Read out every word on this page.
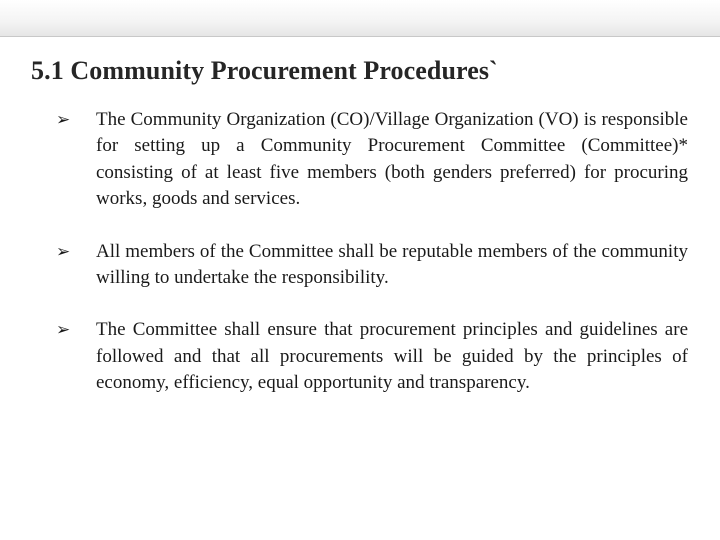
5.1 Community Procurement Procedures`
➢	The Community Organization (CO)/Village Organization (VO) is responsible for setting up a Community Procurement Committee (Committee)* consisting of at least five members (both genders preferred) for procuring works, goods and services.
➢	All members of the Committee shall be reputable members of the community willing to undertake the responsibility.
➢	The Committee shall ensure that procurement principles and guidelines are followed and that all procurements will be guided by the principles of economy, efficiency, equal opportunity and transparency.
